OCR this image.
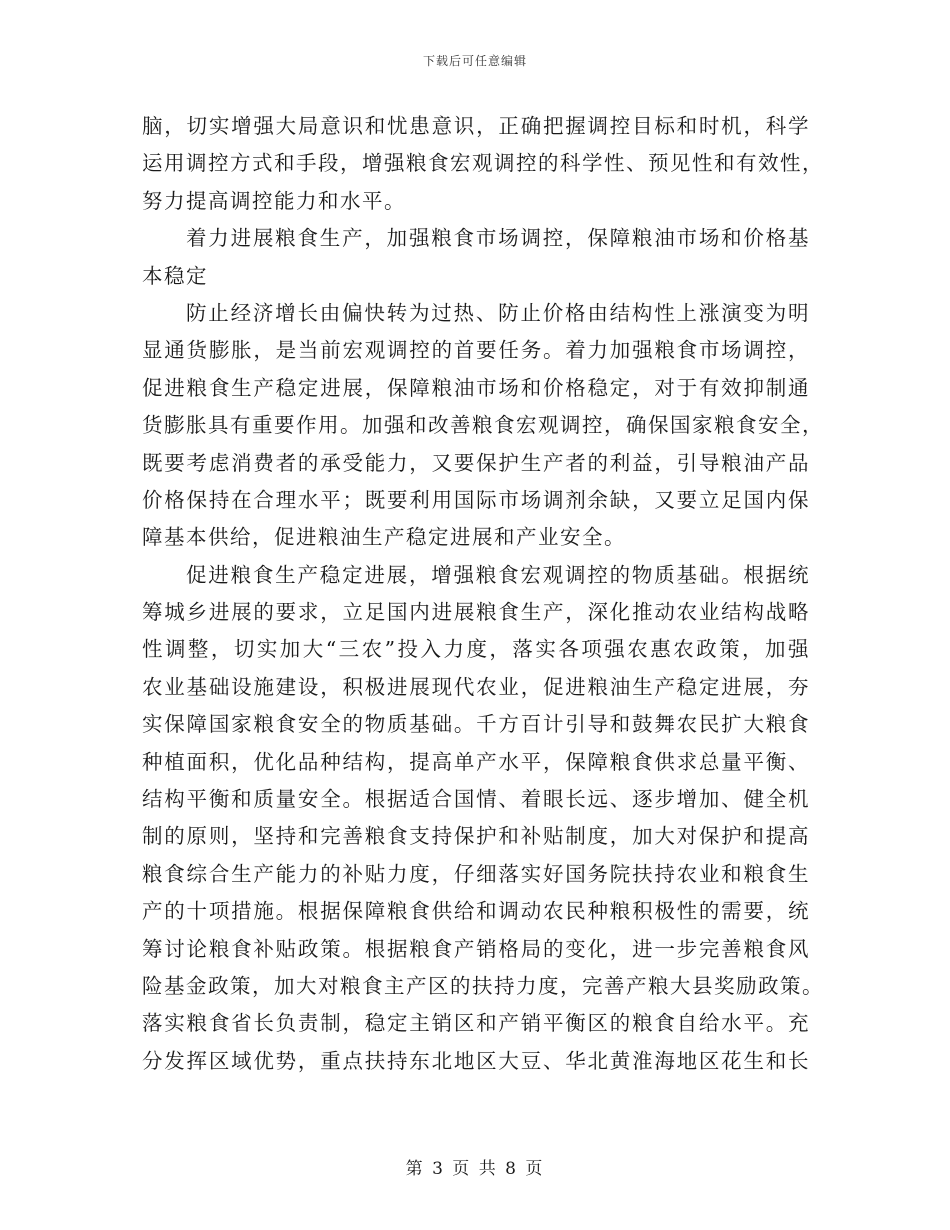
下载后可任意编辑
脑，切实增强大局意识和忧患意识，正确把握调控目标和时机，科学
运用调控方式和手段，增强粮食宏观调控的科学性、预见性和有效性，
努力提高调控能力和水平。
着力进展粮食生产，加强粮食市场调控，保障粮油市场和价格基
本稳定
防止经济增长由偏快转为过热、防止价格由结构性上涨演变为明
显通货膨胀，是当前宏观调控的首要任务。着力加强粮食市场调控，
促进粮食生产稳定进展，保障粮油市场和价格稳定，对于有效抑制通
货膨胀具有重要作用。加强和改善粮食宏观调控，确保国家粮食安全，
既要考虑消费者的承受能力，又要保护生产者的利益，引导粮油产品
价格保持在合理水平；既要利用国际市场调剂余缺，又要立足国内保
障基本供给，促进粮油生产稳定进展和产业安全。
促进粮食生产稳定进展，增强粮食宏观调控的物质基础。根据统
筹城乡进展的要求，立足国内进展粮食生产，深化推动农业结构战略
性调整，切实加大“三农”投入力度，落实各项强农惠农政策，加强
农业基础设施建设，积极进展现代农业，促进粮油生产稳定进展，夯
实保障国家粮食安全的物质基础。千方百计引导和鼓舞农民扩大粮食
种植面积，优化品种结构，提高单产水平，保障粮食供求总量平衡、
结构平衡和质量安全。根据适合国情、着眼长远、逐步增加、健全机
制的原则，坚持和完善粮食支持保护和补贴制度，加大对保护和提高
粮食综合生产能力的补贴力度，仔细落实好国务院扶持农业和粮食生
产的十项措施。根据保障粮食供给和调动农民种粮积极性的需要，统
筹讨论粮食补贴政策。根据粮食产销格局的变化，进一步完善粮食风
险基金政策，加大对粮食主产区的扶持力度，完善产粮大县奖励政策。
落实粮食省长负责制，稳定主销区和产销平衡区的粮食自给水平。充
分发挥区域优势，重点扶持东北地区大豆、华北黄淮海地区花生和长
第 3 页 共 8 页
